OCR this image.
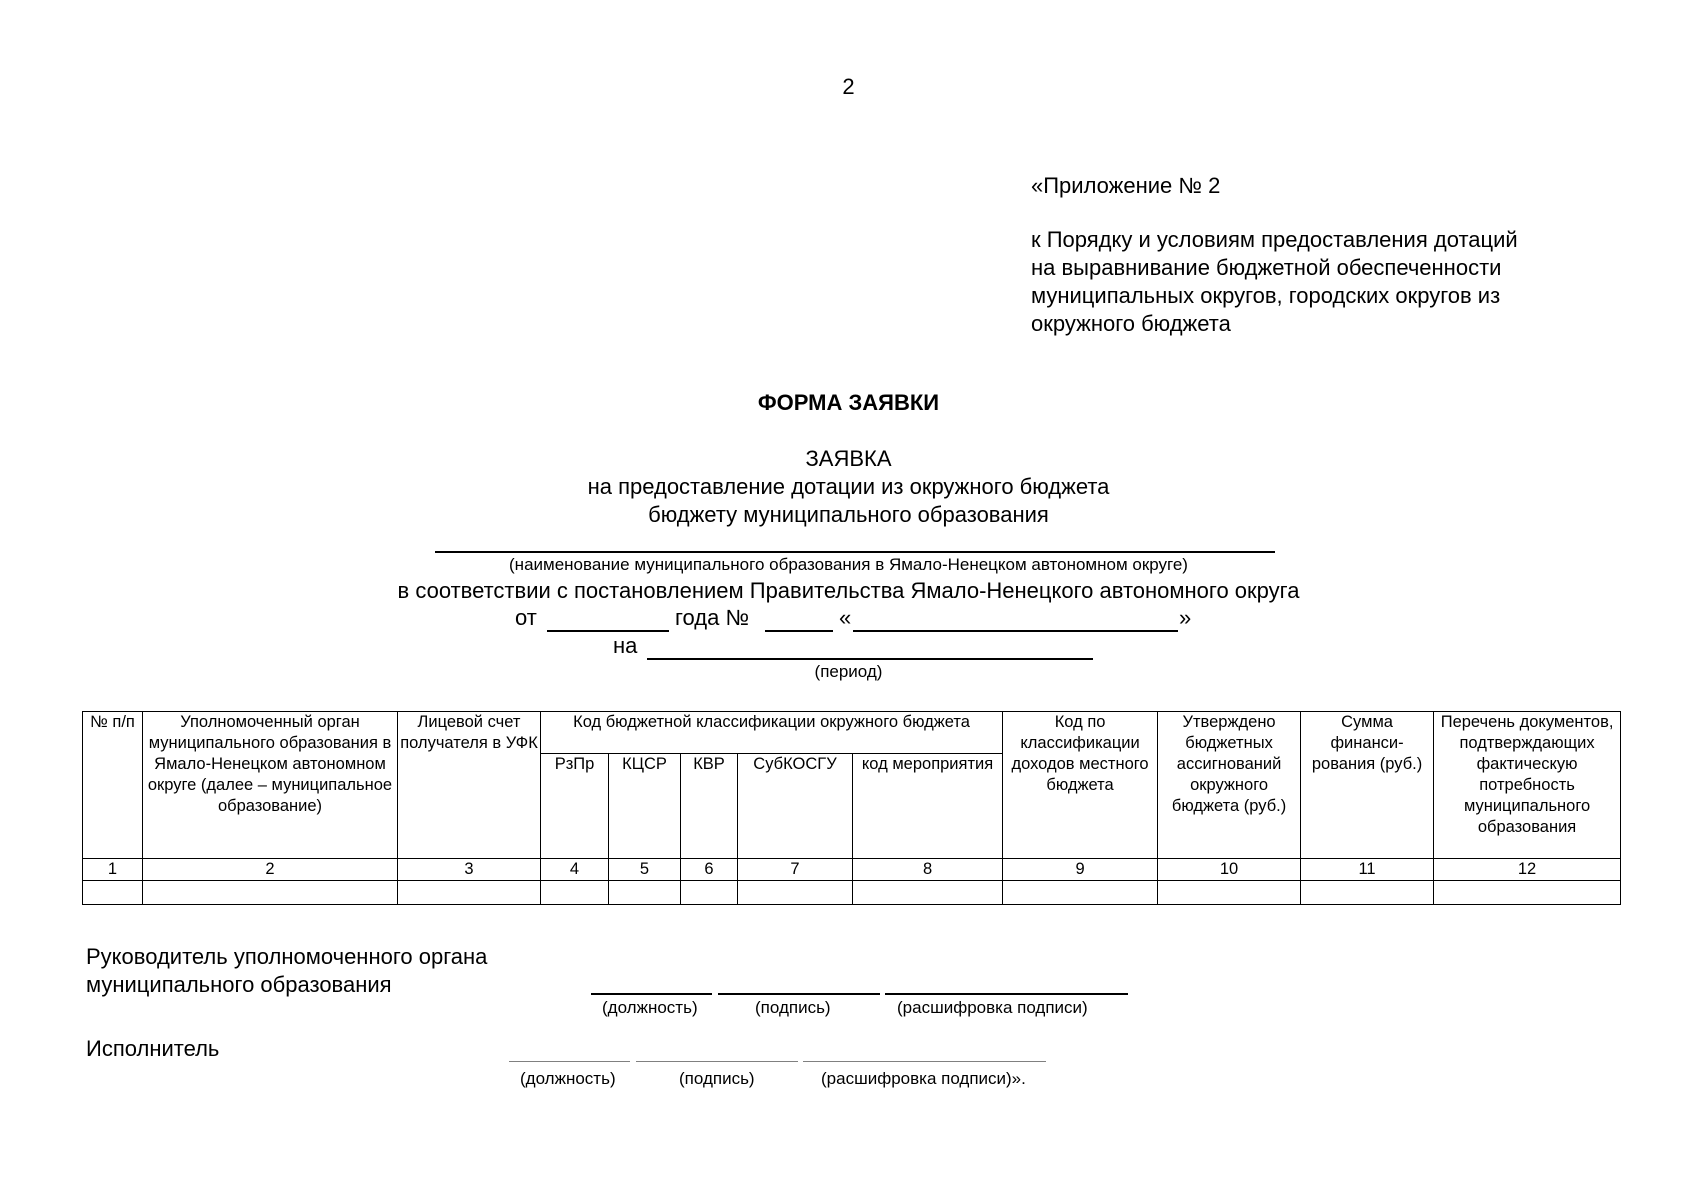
2

«Приложение № 2

к Порядку и условиям предоставления дотаций
на выравнивание бюджетной обеспеченности
муниципальных округов, городских округов из
окружного бюджета
ФОРМА ЗАЯВКИ
ЗАЯВКА
на предоставление дотации из окружного бюджета
бюджету муниципального образования
(наименование муниципального образования в Ямало-Ненецком автономном округе)
в соответствии с постановлением Правительства Ямало-Ненецкого автономного округа
от	года №	«	»
на
(период)
№ п/п	Уполномоченный орган муниципального образования в Ямало-Ненецком автономном округе (далее – муниципальное образование)	Лицевой счет получателя в УФК	Код бюджетной классификации окружного бюджета					Код по классификации доходов местного бюджета	Утверждено бюджетных ассигнований окружного бюджета (руб.)	Сумма финанси-рования (руб.)	Перечень документов, подтверждающих фактическую потребность муниципального образования
			РзПр	КЦСР	КВР	СубКОСГУ	код мероприятия				
1	2	3	4	5	6	7	8	9	10	11	12

Руководитель уполномоченного органа
муниципального образования
(должность)	(подпись)	(расшифровка подписи)
Исполнитель
(должность)	(подпись)	(расшифровка подписи)».
